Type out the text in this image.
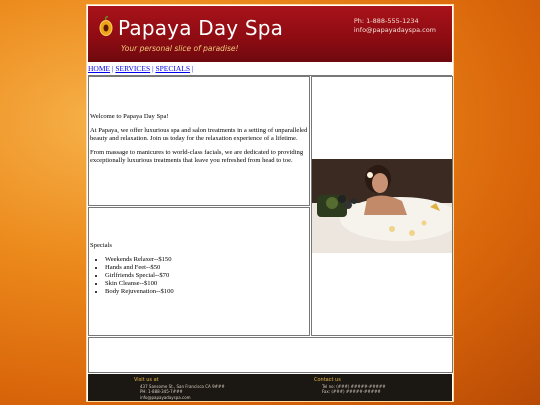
Papaya Day Spa
Your personal slice of paradise!
Ph: 1-888-555-1234
info@papayadayspa.com
HOME | SERVICES | SPECIALS |

Welcome to Papaya Day Spa!

At Papaya, we offer luxurious spa and salon treatments in a setting of unparalleled beauty and relaxation. Join us today for the relaxation experience of a lifetime.

From massage to manicures to world-class facials, we are dedicated to providing exceptionally luxurious treatments that leave you refreshed from head to toe.

Specials

• Weekends Relaxer--$150
• Hands and Feet--$50
• Girlfriends Special--$70
• Skin Cleanse--$100
• Body Rejuvenation--$100
Visit us at
437 Sansome St., San Francisco CA 9###
PH: 1-888-345-7###
info@papayadayspa.com
Contact us
Tel no: (###) #####-#####
Fax: (###) #####-#####
